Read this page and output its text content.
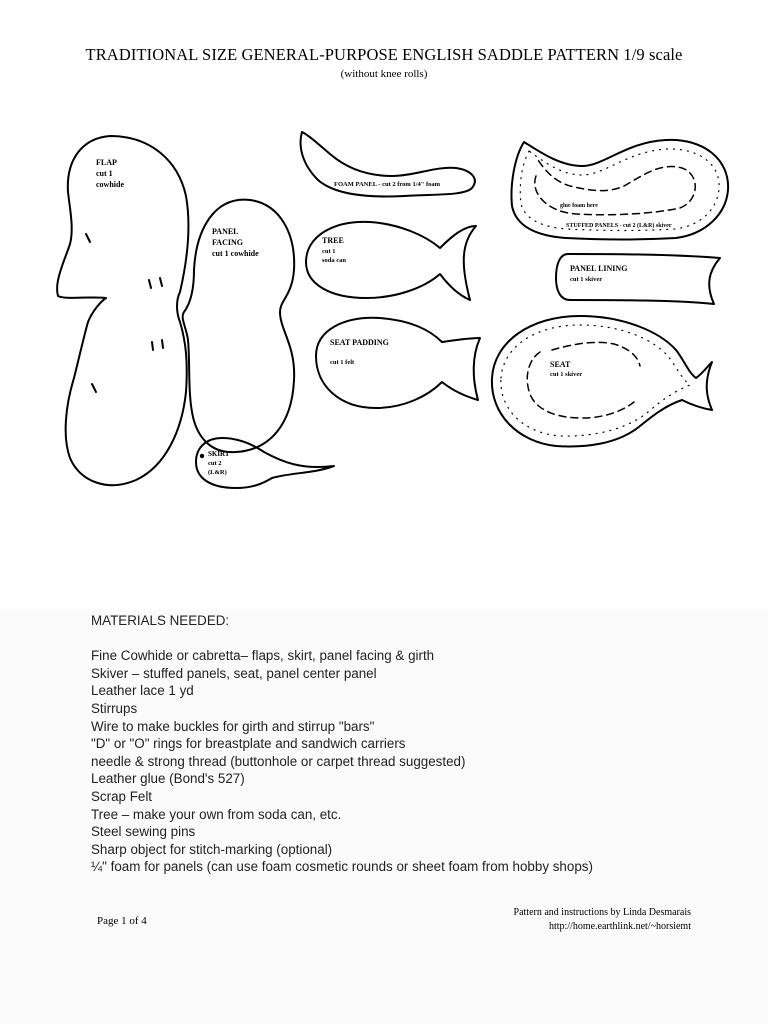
TRADITIONAL SIZE GENERAL-PURPOSE ENGLISH SADDLE PATTERN 1/9 scale
(without knee rolls)
FLAP
cut 1
cowhide
PANEL
FACING
cut 1 cowhide
FOAM PANEL - cut 2 from 1/4" foam
TREE
cut 1
soda can
SEAT PADDING
cut 1 felt
SKIRT
cut 2
(L&R)
glue foam here
STUFFED PANELS - cut 2 (L&R) skiver
PANEL LINING
cut 1 skiver
SEAT
cut 1 skiver
MATERIALS NEEDED:
Fine Cowhide or cabretta– flaps, skirt, panel facing & girth
Skiver – stuffed panels, seat, panel center panel
Leather lace 1 yd
Stirrups
Wire to make buckles for girth and stirrup "bars"
"D" or "O" rings for breastplate and sandwich carriers
needle & strong thread (buttonhole or carpet thread suggested)
Leather glue (Bond's 527)
Scrap Felt
Tree – make your own from soda can, etc.
Steel sewing pins
Sharp object for stitch-marking (optional)
¼" foam for panels (can use foam cosmetic rounds or sheet foam from hobby shops)
Page 1 of 4
Pattern and instructions by Linda Desmarais
http://home.earthlink.net/~horsiemt
